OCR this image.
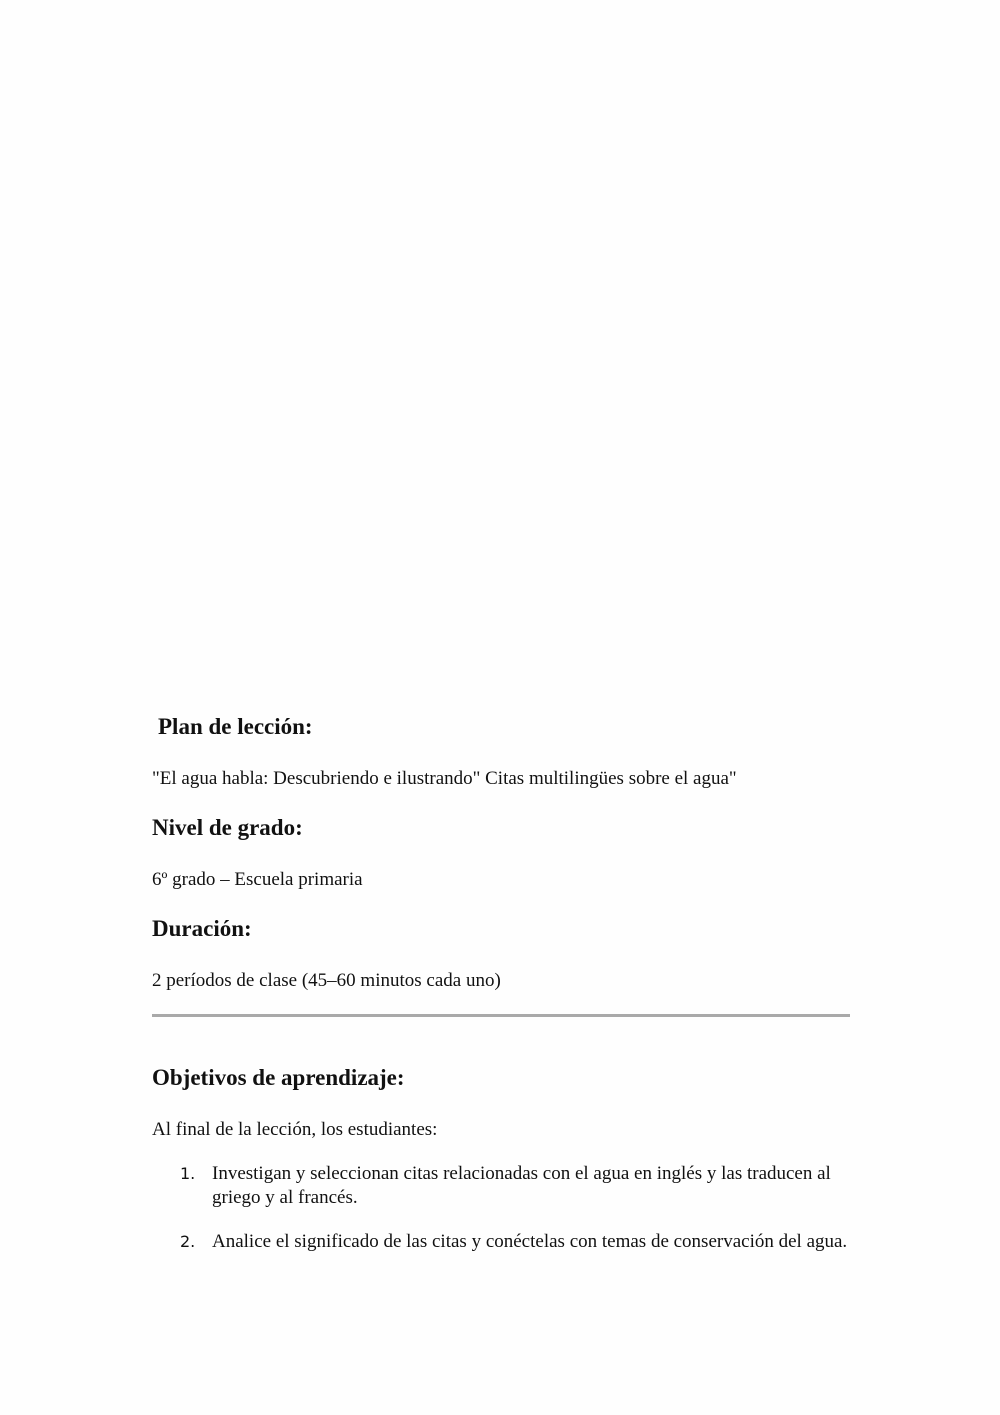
Plan de lección:

"El agua habla: Descubriendo e ilustrando" Citas multilingües sobre el agua"

Nivel de grado:

6º grado – Escuela primaria

Duración:

2 períodos de clase (45–60 minutos cada uno)

Objetivos de aprendizaje:

Al final de la lección, los estudiantes:

1. Investigan y seleccionan citas relacionadas con el agua en inglés y las traducen al griego y al francés.
2. Analice el significado de las citas y conéctelas con temas de conservación del agua.
